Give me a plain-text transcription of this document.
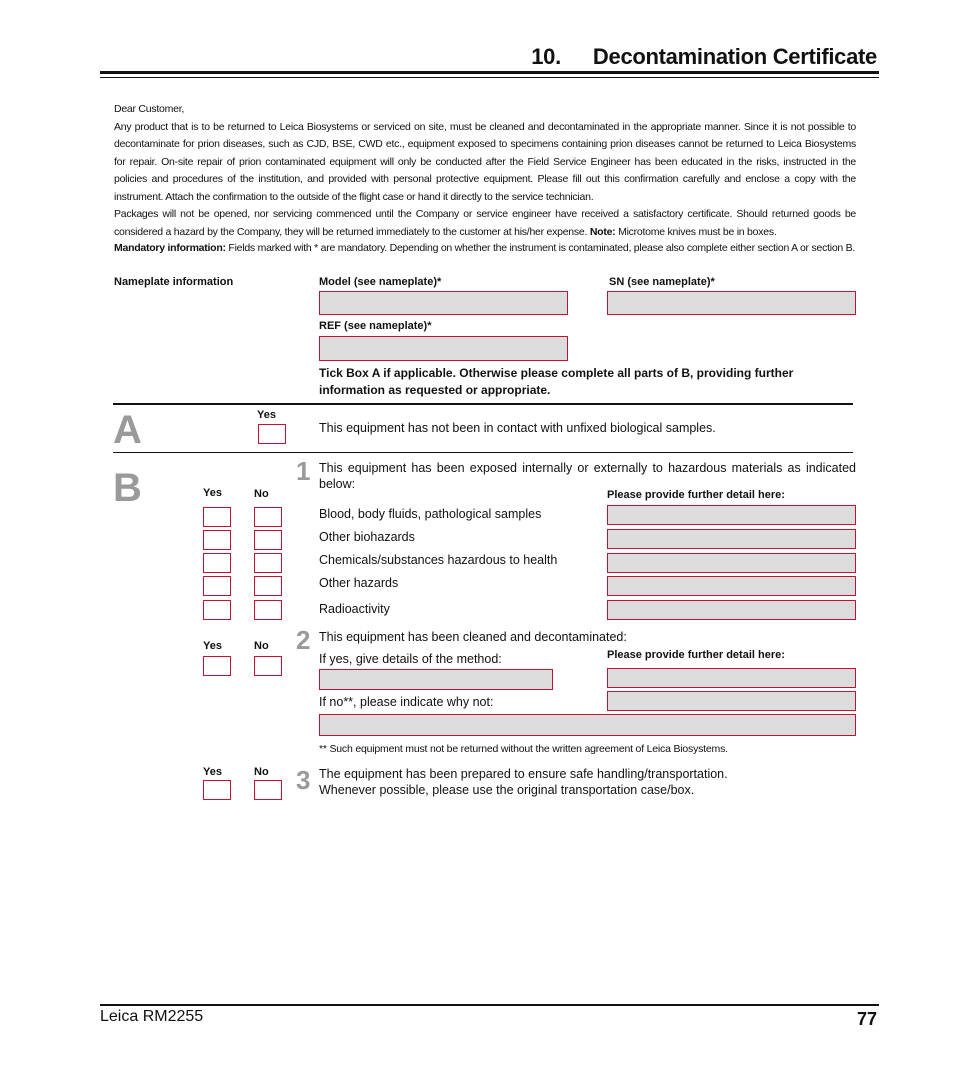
10. Decontamination Certificate

Dear Customer,

Any product that is to be returned to Leica Biosystems or serviced on site, must be cleaned and decontaminated in the appropriate manner. Since it is not possible to decontaminate for prion diseases, such as CJD, BSE, CWD etc., equipment exposed to specimens containing prion diseases cannot be returned to Leica Biosystems for repair. On-site repair of prion contaminated equipment will only be conducted after the Field Service Engineer has been educated in the risks, instructed in the policies and procedures of the institution, and provided with personal protective equipment. Please fill out this confirmation carefully and enclose a copy with the instrument. Attach the confirmation to the outside of the flight case or hand it directly to the service technician.

Packages will not be opened, nor servicing commenced until the Company or service engineer have received a satisfactory certificate. Should returned goods be considered a hazard by the Company, they will be returned immediately to the customer at his/her expense. Note: Microtome knives must be in boxes.

Mandatory information: Fields marked with * are mandatory. Depending on whether the instrument is contaminated, please also complete either section A or section B.

Nameplate information	Model (see nameplate)*	SN (see nameplate)*
REF (see nameplate)*
Tick Box A if applicable. Otherwise please complete all parts of B, providing further information as requested or appropriate.
A	Yes
This equipment has not been in contact with unfixed biological samples.
B	1 This equipment has been exposed internally or externally to hazardous materials as indicated below:
Yes	No	Please provide further detail here:
Blood, body fluids, pathological samples
Other biohazards
Chemicals/substances hazardous to health
Other hazards
Radioactivity
2 This equipment has been cleaned and decontaminated:
Yes	No
If yes, give details of the method:	Please provide further detail here:
If no**, please indicate why not:
** Such equipment must not be returned without the written agreement of Leica Biosystems.
Yes	No 3 The equipment has been prepared to ensure safe handling/transportation.
Whenever possible, please use the original transportation case/box.
Leica RM2255	77
